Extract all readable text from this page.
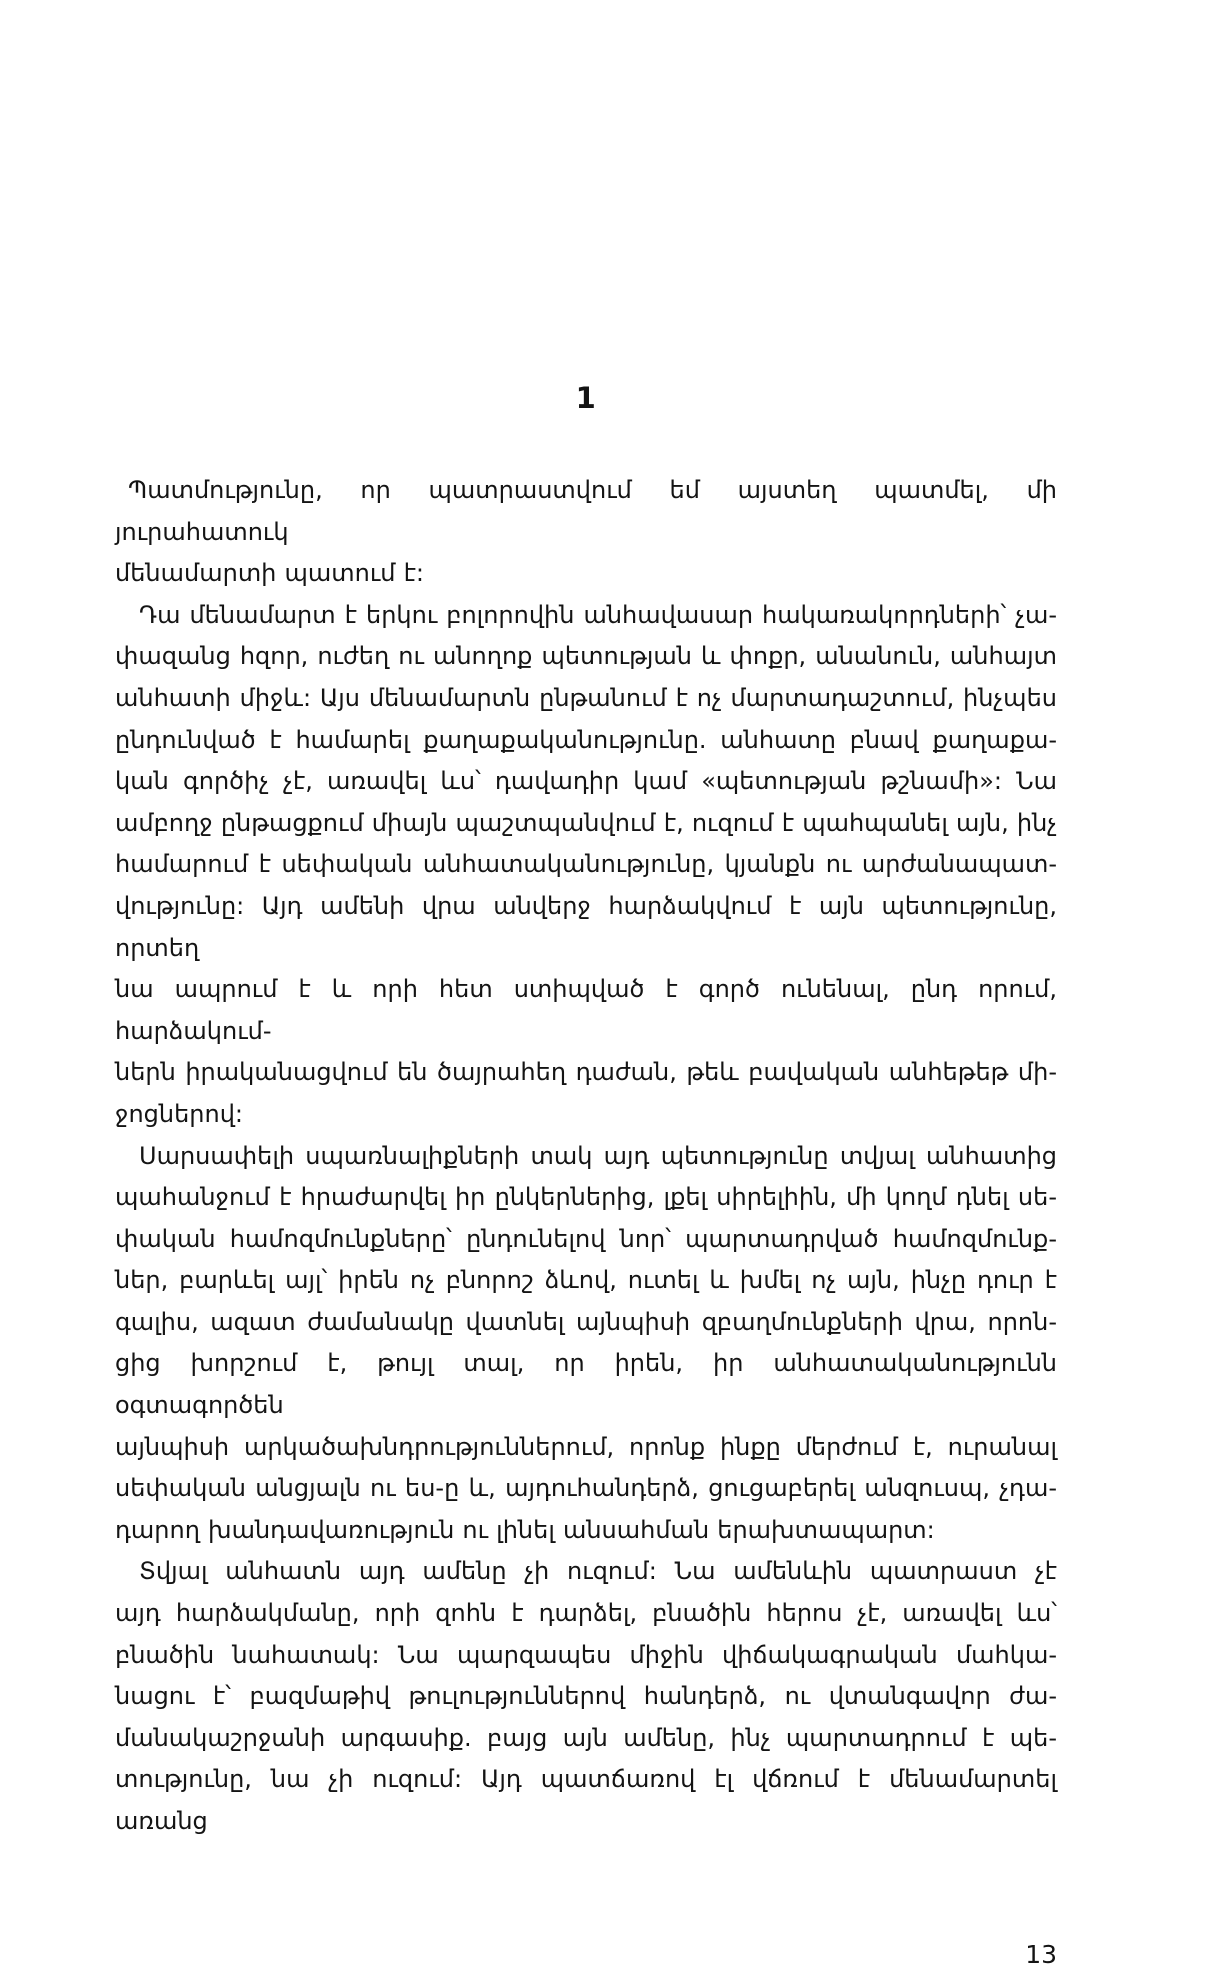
1
Պատմությունը, որ պատրաստվում եմ այստեղ պատմել, մի յուրահատուկ
մենամարտի պատում է:
Դա մենամարտ է երկու բոլորովին անհավասար հակառակորդների՝ չա-
փազանց հզոր, ուժեղ ու անողոք պետության և փոքր, անանուն, անհայտ
անհատի միջև: Այս մենամարտն ընթանում է ոչ մարտադաշտում, ինչպես
ընդունված է համարել քաղաքականությունը. անհատը բնավ քաղաքա-
կան գործիչ չէ, առավել ևս՝ դավադիր կամ «պետության թշնամի»: Նա
ամբողջ ընթացքում միայն պաշտպանվում է, ուզում է պահպանել այն, ինչ
համարում է սեփական անհատականությունը, կյանքն ու արժանապատ-
վությունը: Այդ ամենի վրա անվերջ հարձակվում է այն պետությունը, որտեղ
նա ապրում է և որի հետ ստիպված է գործ ունենալ, ընդ որում, հարձակում-
ներն իրականացվում են ծայրահեղ դաժան, թեև բավական անհեթեթ մի-
ջոցներով:
Սարսափելի սպառնալիքների տակ այդ պետությունը տվյալ անհատից
պահանջում է հրաժարվել իր ընկերներից, լքել սիրելիին, մի կողմ դնել սե-
փական համոզմունքները՝ ընդունելով նոր՝ պարտադրված համոզմունք-
ներ, բարևել այլ՝ իրեն ոչ բնորոշ ձևով, ուտել և խմել ոչ այն, ինչը դուր է
գալիս, ազատ ժամանակը վատնել այնպիսի զբաղմունքների վրա, որոն-
ցից խորշում է, թույլ տալ, որ իրեն, իր անհատականությունն օգտագործեն
այնպիսի արկածախնդրություններում, որոնք ինքը մերժում է, ուրանալ
սեփական անցյալն ու ես-ը և, այդուհանդերձ, ցուցաբերել անզուսպ, չդա-
դարող խանդավառություն ու լինել անսահման երախտապարտ:
Տվյալ անհատն այդ ամենը չի ուզում: Նա ամենևին պատրաստ չէ
այդ հարձակմանը, որի զոհն է դարձել, բնածին հերոս չէ, առավել ևս՝
բնածին նահատակ: Նա պարզապես միջին վիճակագրական մահկա-
նացու է՝ բազմաթիվ թուլություններով հանդերձ, ու վտանգավոր ժա-
մանակաշրջանի արգասիք. բայց այն ամենը, ինչ պարտադրում է պե-
տությունը, նա չի ուզում: Այդ պատճառով էլ վճռում է մենամարտել առանց
13
